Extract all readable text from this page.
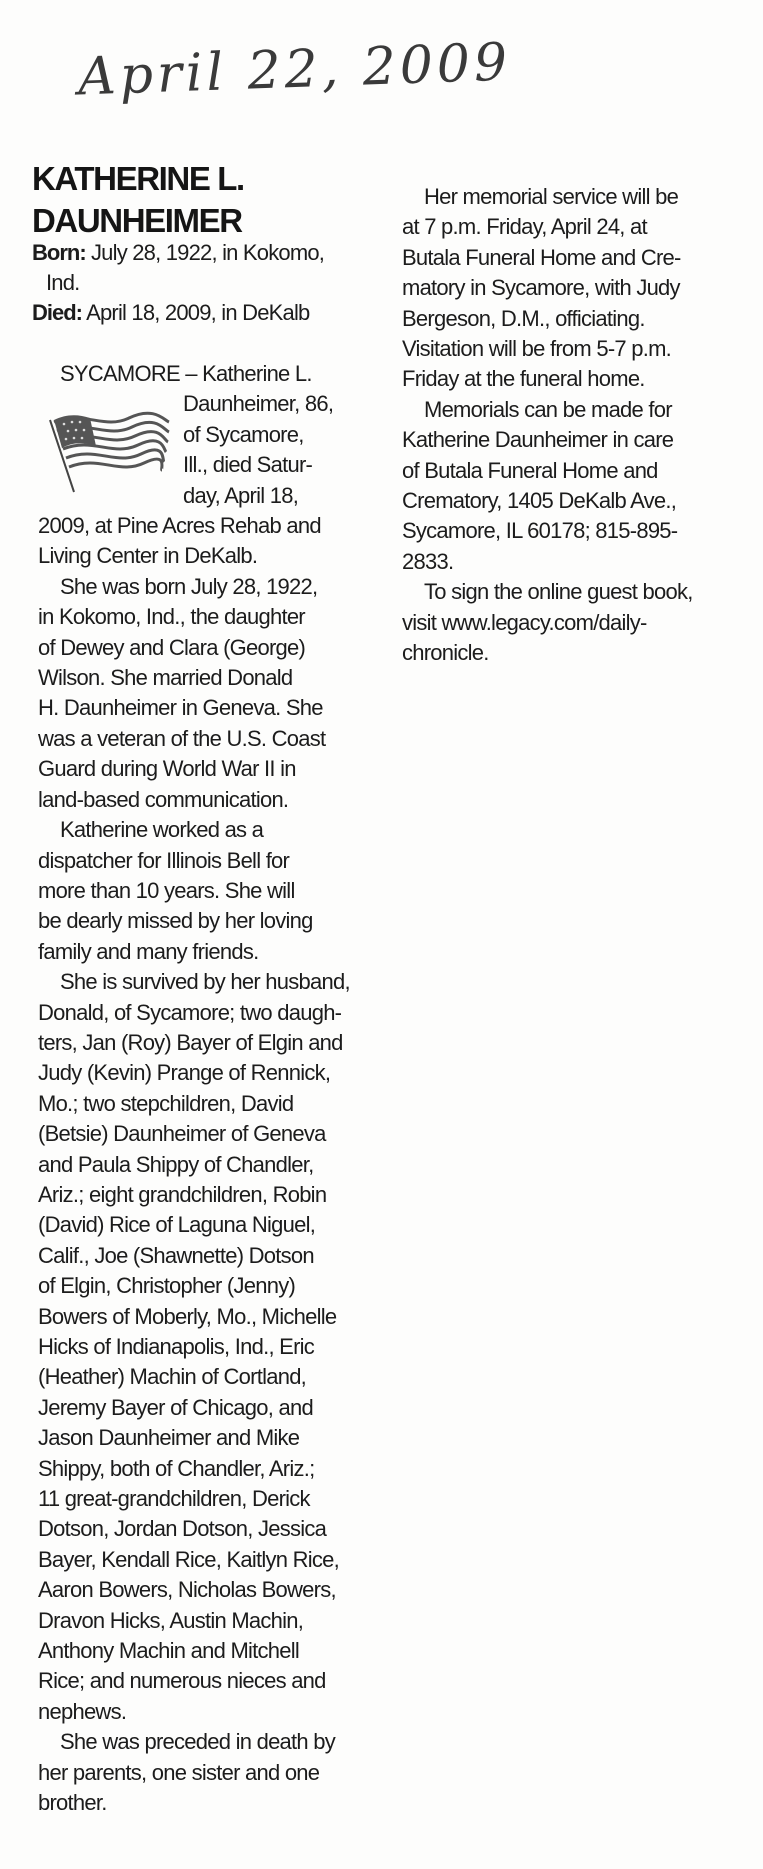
April 22, 2009
KATHERINE L.
DAUNHEIMER
Born: July 28, 1922, in Kokomo,
Ind.
Died: April 18, 2009, in DeKalb
SYCAMORE – Katherine L.
Daunheimer, 86,
of Sycamore,
Ill., died Satur-
day, April 18,
2009, at Pine Acres Rehab and
Living Center in DeKalb.
She was born July 28, 1922,
in Kokomo, Ind., the daughter
of Dewey and Clara (George)
Wilson. She married Donald
H. Daunheimer in Geneva. She
was a veteran of the U.S. Coast
Guard during World War II in
land-based communication.
Katherine worked as a
dispatcher for Illinois Bell for
more than 10 years. She will
be dearly missed by her loving
family and many friends.
She is survived by her husband,
Donald, of Sycamore; two daugh-
ters, Jan (Roy) Bayer of Elgin and
Judy (Kevin) Prange of Rennick,
Mo.; two stepchildren, David
(Betsie) Daunheimer of Geneva
and Paula Shippy of Chandler,
Ariz.; eight grandchildren, Robin
(David) Rice of Laguna Niguel,
Calif., Joe (Shawnette) Dotson
of Elgin, Christopher (Jenny)
Bowers of Moberly, Mo., Michelle
Hicks of Indianapolis, Ind., Eric
(Heather) Machin of Cortland,
Jeremy Bayer of Chicago, and
Jason Daunheimer and Mike
Shippy, both of Chandler, Ariz.;
11 great-grandchildren, Derick
Dotson, Jordan Dotson, Jessica
Bayer, Kendall Rice, Kaitlyn Rice,
Aaron Bowers, Nicholas Bowers,
Dravon Hicks, Austin Machin,
Anthony Machin and Mitchell
Rice; and numerous nieces and
nephews.
She was preceded in death by
her parents, one sister and one
brother.
Her memorial service will be
at 7 p.m. Friday, April 24, at
Butala Funeral Home and Cre-
matory in Sycamore, with Judy
Bergeson, D.M., officiating.
Visitation will be from 5-7 p.m.
Friday at the funeral home.
Memorials can be made for
Katherine Daunheimer in care
of Butala Funeral Home and
Crematory, 1405 DeKalb Ave.,
Sycamore, IL 60178; 815-895-
2833.
To sign the online guest book,
visit www.legacy.com/daily-
chronicle.
